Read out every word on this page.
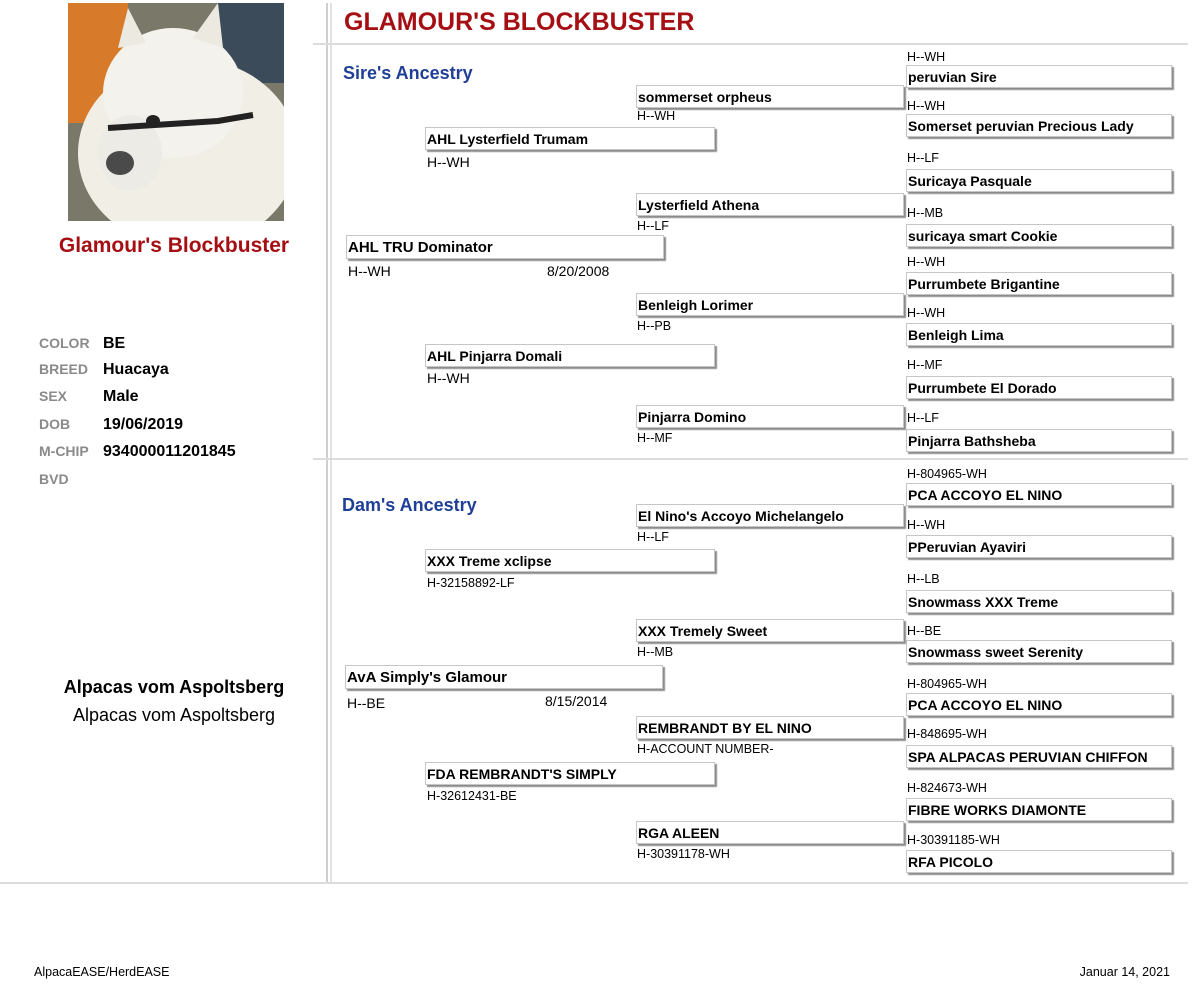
Glamour's Blockbuster
COLOR BE
BREED Huacaya
SEX Male
DOB 19/06/2019
M-CHIP 934000011201845
BVD
Alpacas vom Aspoltsberg
Alpacas vom Aspoltsberg
GLAMOUR'S BLOCKBUSTER
Sire's Ancestry
H--WH
peruvian Sire
H--WH
Somerset peruvian Precious Lady
H--LF
Suricaya Pasquale
H--MB
suricaya smart Cookie
H--WH
Purrumbete Brigantine
H--WH
Benleigh Lima
H--MF
Purrumbete El Dorado
H--LF
Pinjarra Bathsheba
sommerset orpheus
H--WH
Lysterfield Athena
H--LF
Benleigh Lorimer
H--PB
Pinjarra Domino
H--MF
AHL Lysterfield Trumam
H--WH
AHL Pinjarra Domali
H--WH
AHL TRU Dominator
H--WH	8/20/2008
Dam's Ancestry
H-804965-WH
PCA ACCOYO EL NINO
H--WH
PPeruvian Ayaviri
H--LB
Snowmass XXX Treme
H--BE
Snowmass sweet Serenity
H-804965-WH
PCA ACCOYO EL NINO
H-848695-WH
SPA ALPACAS PERUVIAN CHIFFON
H-824673-WH
FIBRE WORKS DIAMONTE
H-30391185-WH
RFA PICOLO
El Nino's Accoyo Michelangelo
H--LF
XXX Tremely Sweet
H--MB
REMBRANDT BY EL NINO
H-ACCOUNT NUMBER-
RGA ALEEN
H-30391178-WH
XXX Treme xclipse
H-32158892-LF
FDA REMBRANDT'S SIMPLY
H-32612431-BE
AvA Simply's Glamour
H--BE	8/15/2014
AlpacaEASE/HerdEASE	Januar 14, 2021
